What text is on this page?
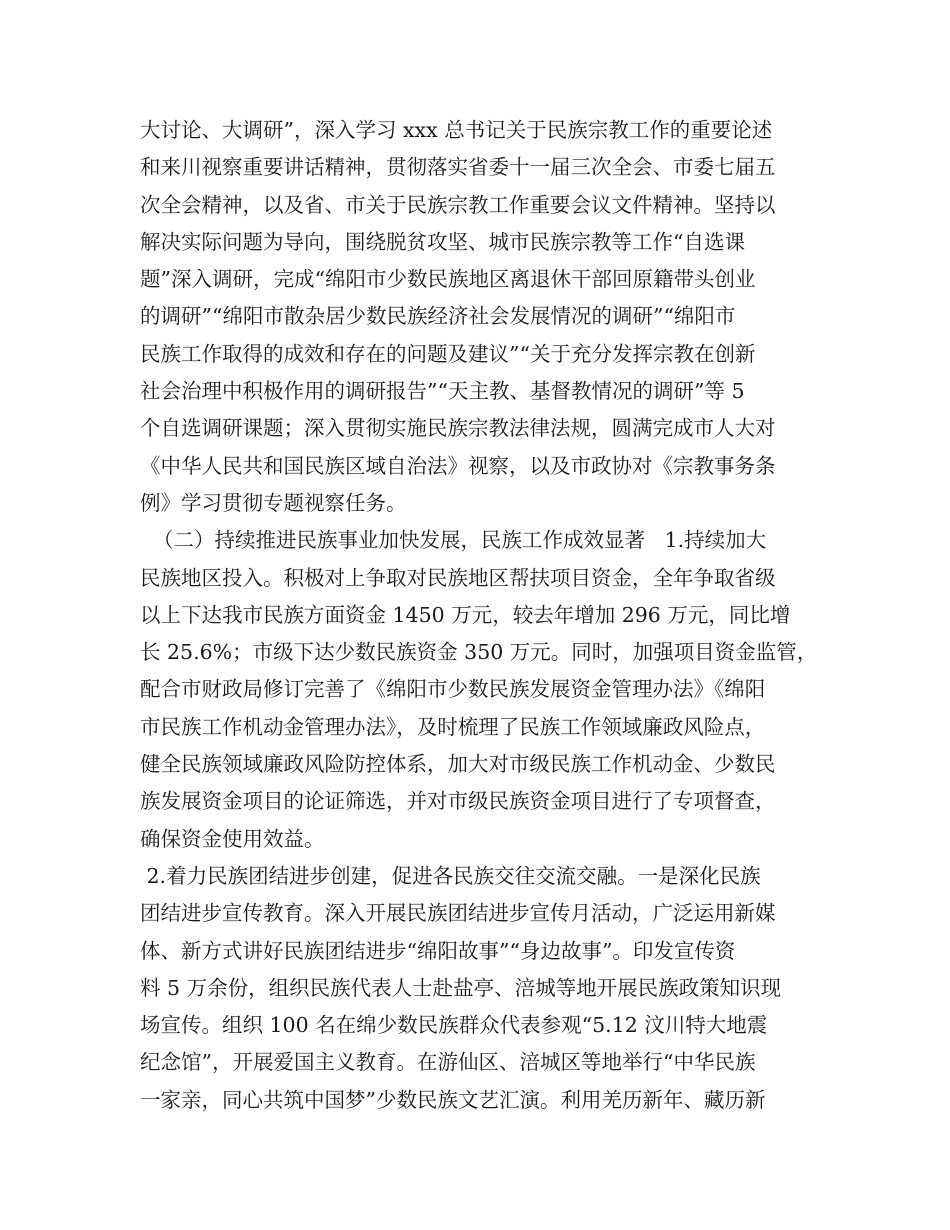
大讨论、大调研”，深入学习 xxx 总书记关于民族宗教工作的重要论述
和来川视察重要讲话精神，贯彻落实省委十一届三次全会、市委七届五
次全会精神，以及省、市关于民族宗教工作重要会议文件精神。坚持以
解决实际问题为导向，围绕脱贫攻坚、城市民族宗教等工作“自选课
题”深入调研，完成“绵阳市少数民族地区离退休干部回原籍带头创业
的调研”“绵阳市散杂居少数民族经济社会发展情况的调研”“绵阳市
民族工作取得的成效和存在的问题及建议”“关于充分发挥宗教在创新
社会治理中积极作用的调研报告”“天主教、基督教情况的调研”等 5
个自选调研课题；深入贯彻实施民族宗教法律法规，圆满完成市人大对
《中华人民共和国民族区域自治法》视察，以及市政协对《宗教事务条
例》学习贯彻专题视察任务。
（二）持续推进民族事业加快发展，民族工作成效显著   1.持续加大
民族地区投入。积极对上争取对民族地区帮扶项目资金，全年争取省级
以上下达我市民族方面资金 1450 万元，较去年增加 296 万元，同比增
长 25.6%；市级下达少数民族资金 350 万元。同时，加强项目资金监管，
配合市财政局修订完善了《绵阳市少数民族发展资金管理办法》《绵阳
市民族工作机动金管理办法》，及时梳理了民族工作领域廉政风险点，
健全民族领域廉政风险防控体系，加大对市级民族工作机动金、少数民
族发展资金项目的论证筛选，并对市级民族资金项目进行了专项督查，
确保资金使用效益。
2.着力民族团结进步创建，促进各民族交往交流交融。一是深化民族
团结进步宣传教育。深入开展民族团结进步宣传月活动，广泛运用新媒
体、新方式讲好民族团结进步“绵阳故事”“身边故事”。印发宣传资
料 5 万余份，组织民族代表人士赴盐亭、涪城等地开展民族政策知识现
场宣传。组织 100 名在绵少数民族群众代表参观“5.12 汶川特大地震
纪念馆”，开展爱国主义教育。在游仙区、涪城区等地举行“中华民族
一家亲，同心共筑中国梦”少数民族文艺汇演。利用羌历新年、藏历新
